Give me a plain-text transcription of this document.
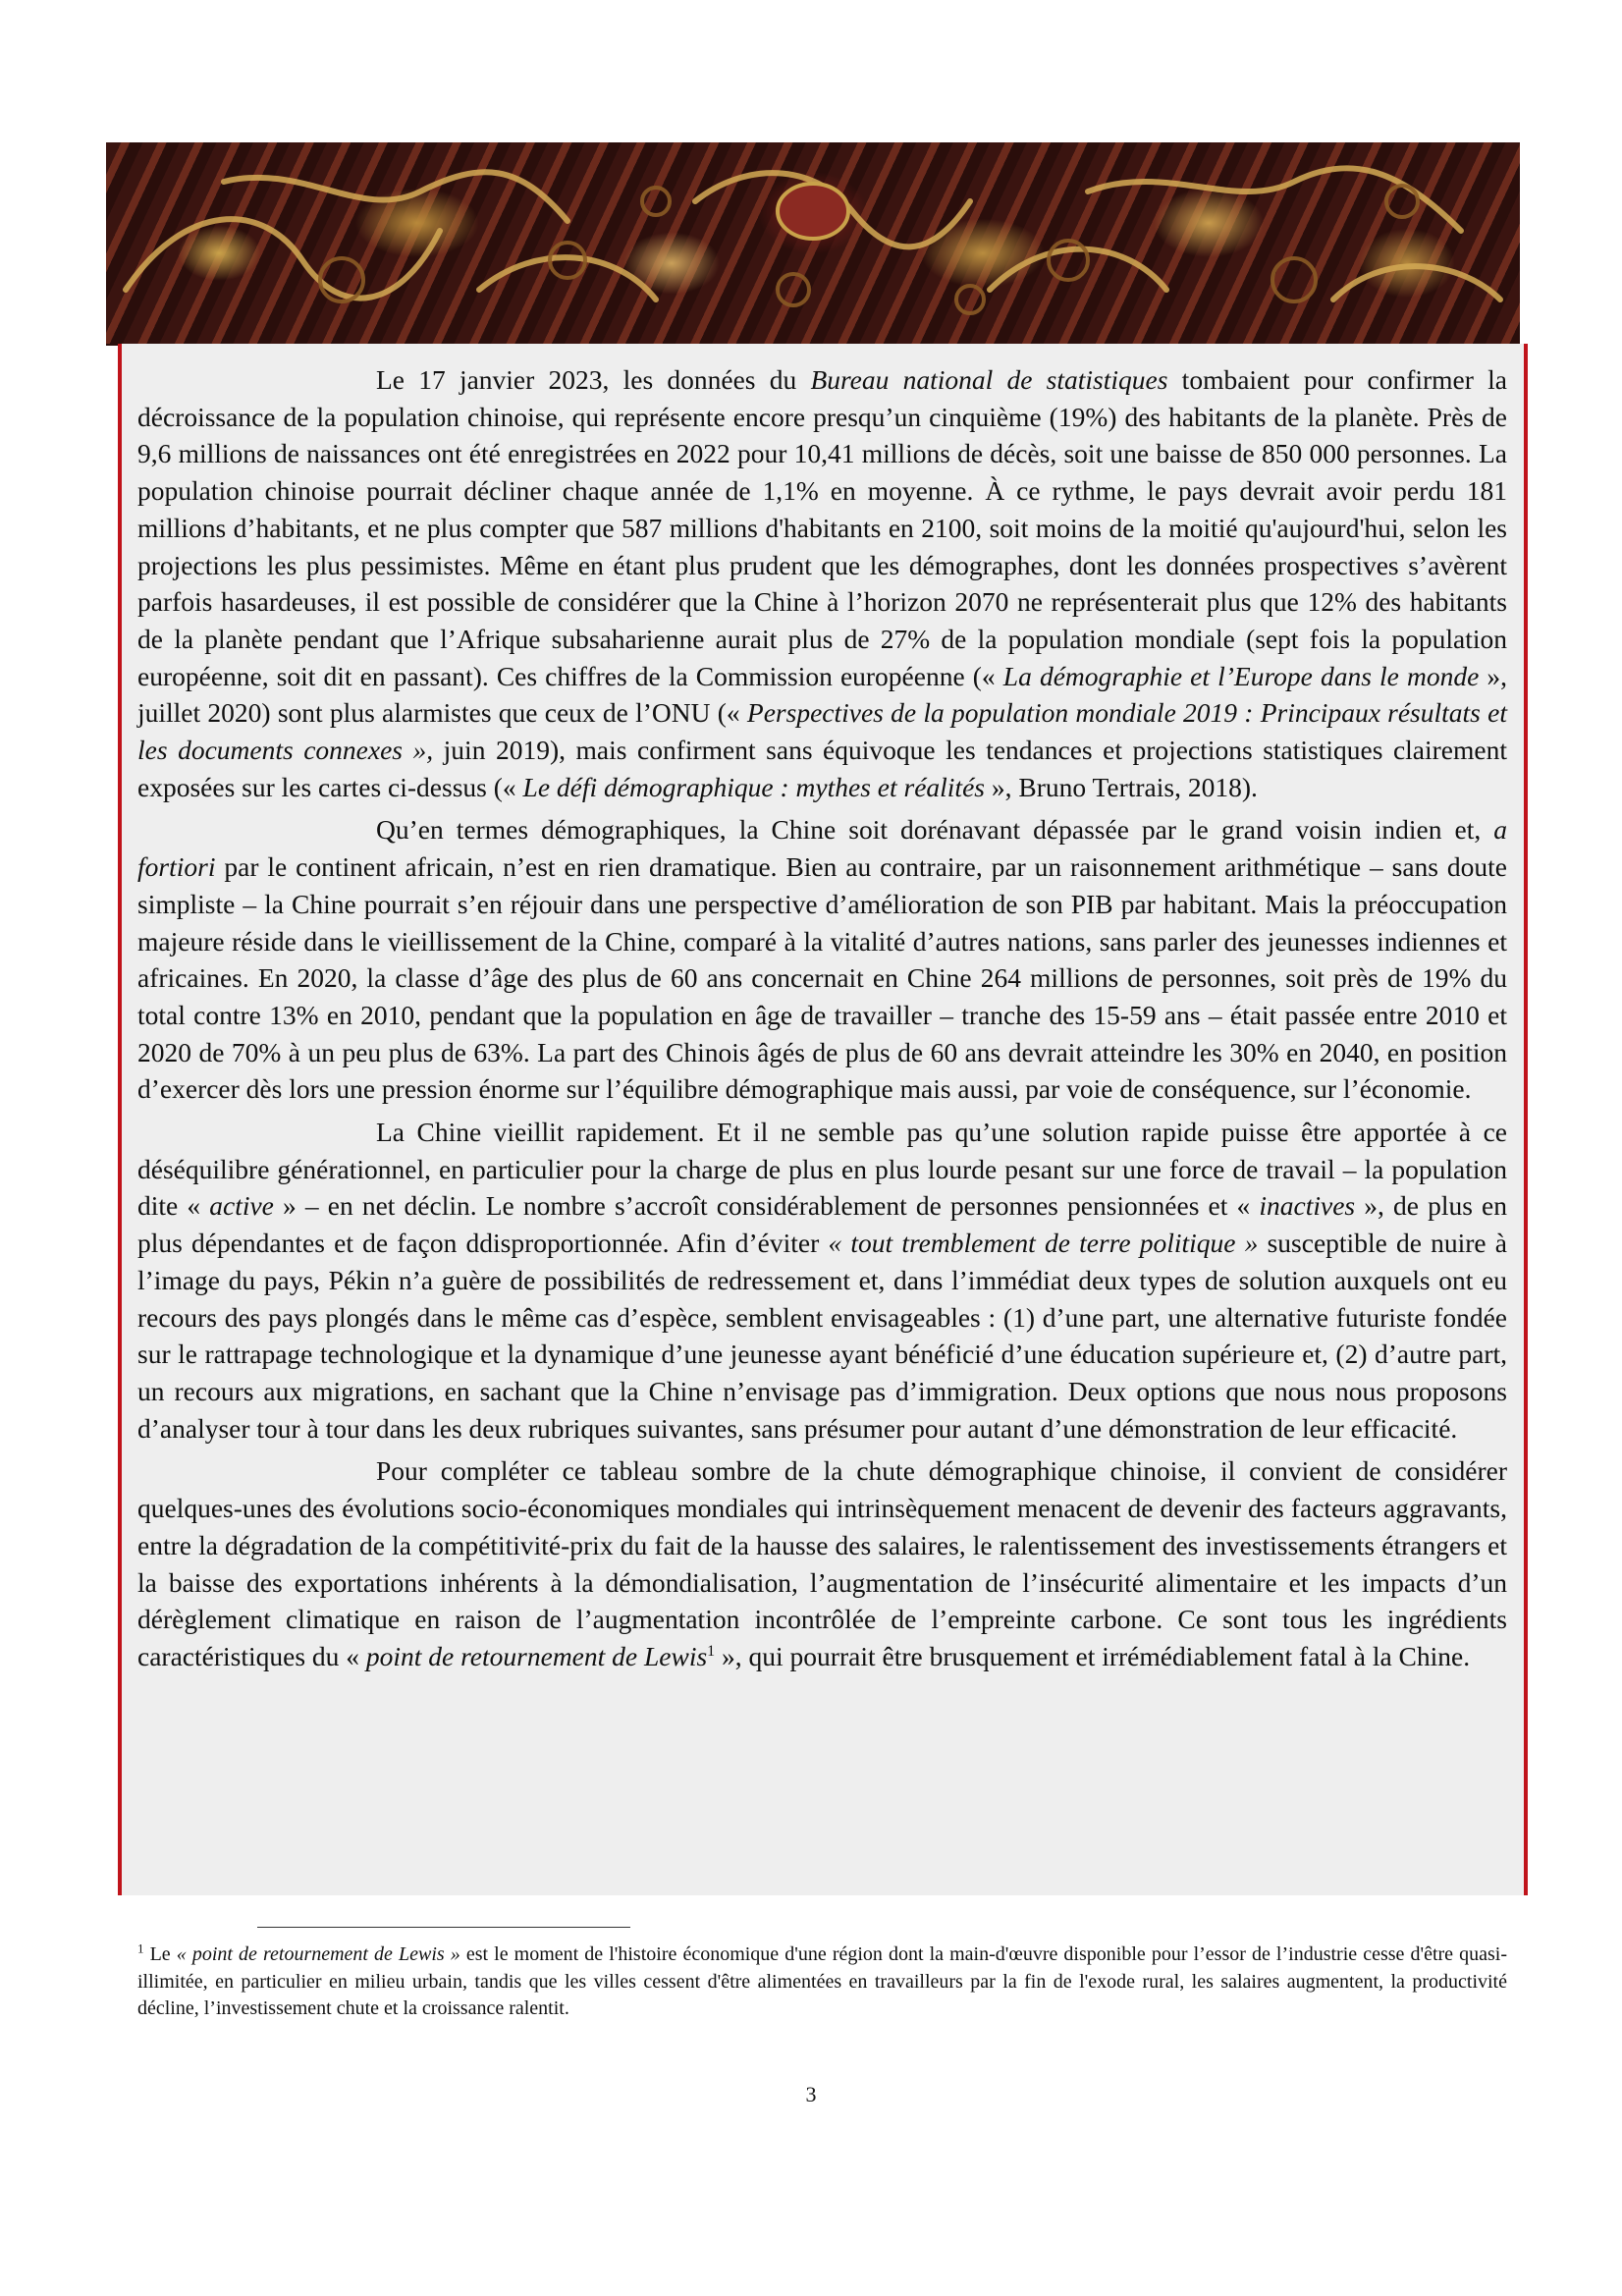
Le 17 janvier 2023, les données du Bureau national de statistiques tombaient pour confirmer la décroissance de la population chinoise, qui représente encore presqu’un cinquième (19%) des habitants de la planète. Près de 9,6 millions de naissances ont été enregistrées en 2022 pour 10,41 millions de décès, soit une baisse de 850 000 personnes. La population chinoise pourrait décliner chaque année de 1,1% en moyenne. À ce rythme, le pays devrait avoir perdu 181 millions d’habitants, et ne plus compter que 587 millions d'habitants en 2100, soit moins de la moitié qu'aujourd'hui, selon les projections les plus pessimistes. Même en étant plus prudent que les démographes, dont les données prospectives s’avèrent parfois hasardeuses, il est possible de considérer que la Chine à l’horizon 2070 ne représenterait plus que 12% des habitants de la planète pendant que l’Afrique subsaharienne aurait plus de 27% de la population mondiale (sept fois la population européenne, soit dit en passant). Ces chiffres de la Commission européenne (« La démographie et l’Europe dans le monde », juillet 2020) sont plus alarmistes que ceux de l’ONU (« Perspectives de la population mondiale 2019 : Principaux résultats et les documents connexes », juin 2019), mais confirment sans équivoque les tendances et projections statistiques clairement exposées sur les cartes ci-dessus (« Le défi démographique : mythes et réalités », Bruno Tertrais, 2018).

Qu’en termes démographiques, la Chine soit dorénavant dépassée par le grand voisin indien et, a fortiori par le continent africain, n’est en rien dramatique. Bien au contraire, par un raisonnement arithmétique – sans doute simpliste – la Chine pourrait s’en réjouir dans une perspective d’amélioration de son PIB par habitant. Mais la préoccupation majeure réside dans le vieillissement de la Chine, comparé à la vitalité d’autres nations, sans parler des jeunesses indiennes et africaines. En 2020, la classe d’âge des plus de 60 ans concernait en Chine 264 millions de personnes, soit près de 19% du total contre 13% en 2010, pendant que la population en âge de travailler – tranche des 15-59 ans – était passée entre 2010 et 2020 de 70% à un peu plus de 63%. La part des Chinois âgés de plus de 60 ans devrait atteindre les 30% en 2040, en position d’exercer dès lors une pression énorme sur l’équilibre démographique mais aussi, par voie de conséquence, sur l’économie.

La Chine vieillit rapidement. Et il ne semble pas qu’une solution rapide puisse être apportée à ce déséquilibre générationnel, en particulier pour la charge de plus en plus lourde pesant sur une force de travail – la population dite « active » – en net déclin. Le nombre s’accroît considérablement de personnes pensionnées et « inactives », de plus en plus dépendantes et de façon ddisproportionnée. Afin d’éviter « tout tremblement de terre politique » susceptible de nuire à l’image du pays, Pékin n’a guère de possibilités de redressement et, dans l’immédiat deux types de solution auxquels ont eu recours des pays plongés dans le même cas d’espèce, semblent envisageables : (1) d’une part, une alternative futuriste fondée sur le rattrapage technologique et la dynamique d’une jeunesse ayant bénéficié d’une éducation supérieure et, (2) d’autre part, un recours aux migrations, en sachant que la Chine n’envisage pas d’immigration. Deux options que nous nous proposons d’analyser tour à tour dans les deux rubriques suivantes, sans présumer pour autant d’une démonstration de leur efficacité.

Pour compléter ce tableau sombre de la chute démographique chinoise, il convient de considérer quelques-unes des évolutions socio-économiques mondiales qui intrinsèquement menacent de devenir des facteurs aggravants, entre la dégradation de la compétitivité-prix du fait de la hausse des salaires, le ralentissement des investissements étrangers et la baisse des exportations inhérents à la démondialisation, l’augmentation de l’insécurité alimentaire et les impacts d’un dérèglement climatique en raison de l’augmentation incontrôlée de l’empreinte carbone. Ce sont tous les ingrédients caractéristiques du « point de retournement de Lewis$^1$ », qui pourrait être brusquement et irrémédiablement fatal à la Chine.

$^1$ Le « point de retournement de Lewis » est le moment de l'histoire économique d'une région dont la main-d'œuvre disponible pour l’essor de l’industrie cesse d'être quasi-illimitée, en particulier en milieu urbain, tandis que les villes cessent d'être alimentées en travailleurs par la fin de l'exode rural, les salaires augmentent, la productivité décline, l’investissement chute et la croissance ralentit.

3
